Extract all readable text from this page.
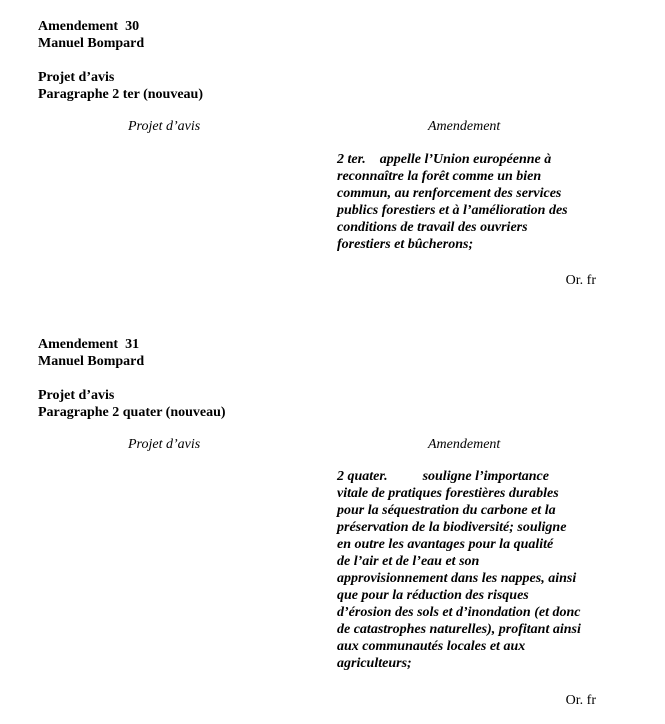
Amendement  30
Manuel Bompard
Projet d’avis
Paragraphe 2 ter (nouveau)
Projet d’avis	Amendement
2 ter.    appelle l’Union européenne à
reconnaître la forêt comme un bien
commun, au renforcement des services
publics forestiers et à l’amélioration des
conditions de travail des ouvriers
forestiers et bûcherons;
Or. fr
Amendement  31
Manuel Bompard
Projet d’avis
Paragraphe 2 quater (nouveau)
Projet d’avis	Amendement
2 quater.          souligne l’importance
vitale de pratiques forestières durables
pour la séquestration du carbone et la
préservation de la biodiversité; souligne
en outre les avantages pour la qualité
de l’air et de l’eau et son
approvisionnement dans les nappes, ainsi
que pour la réduction des risques
d’érosion des sols et d’inondation (et donc
de catastrophes naturelles), profitant ainsi
aux communautés locales et aux
agriculteurs;
Or. fr
